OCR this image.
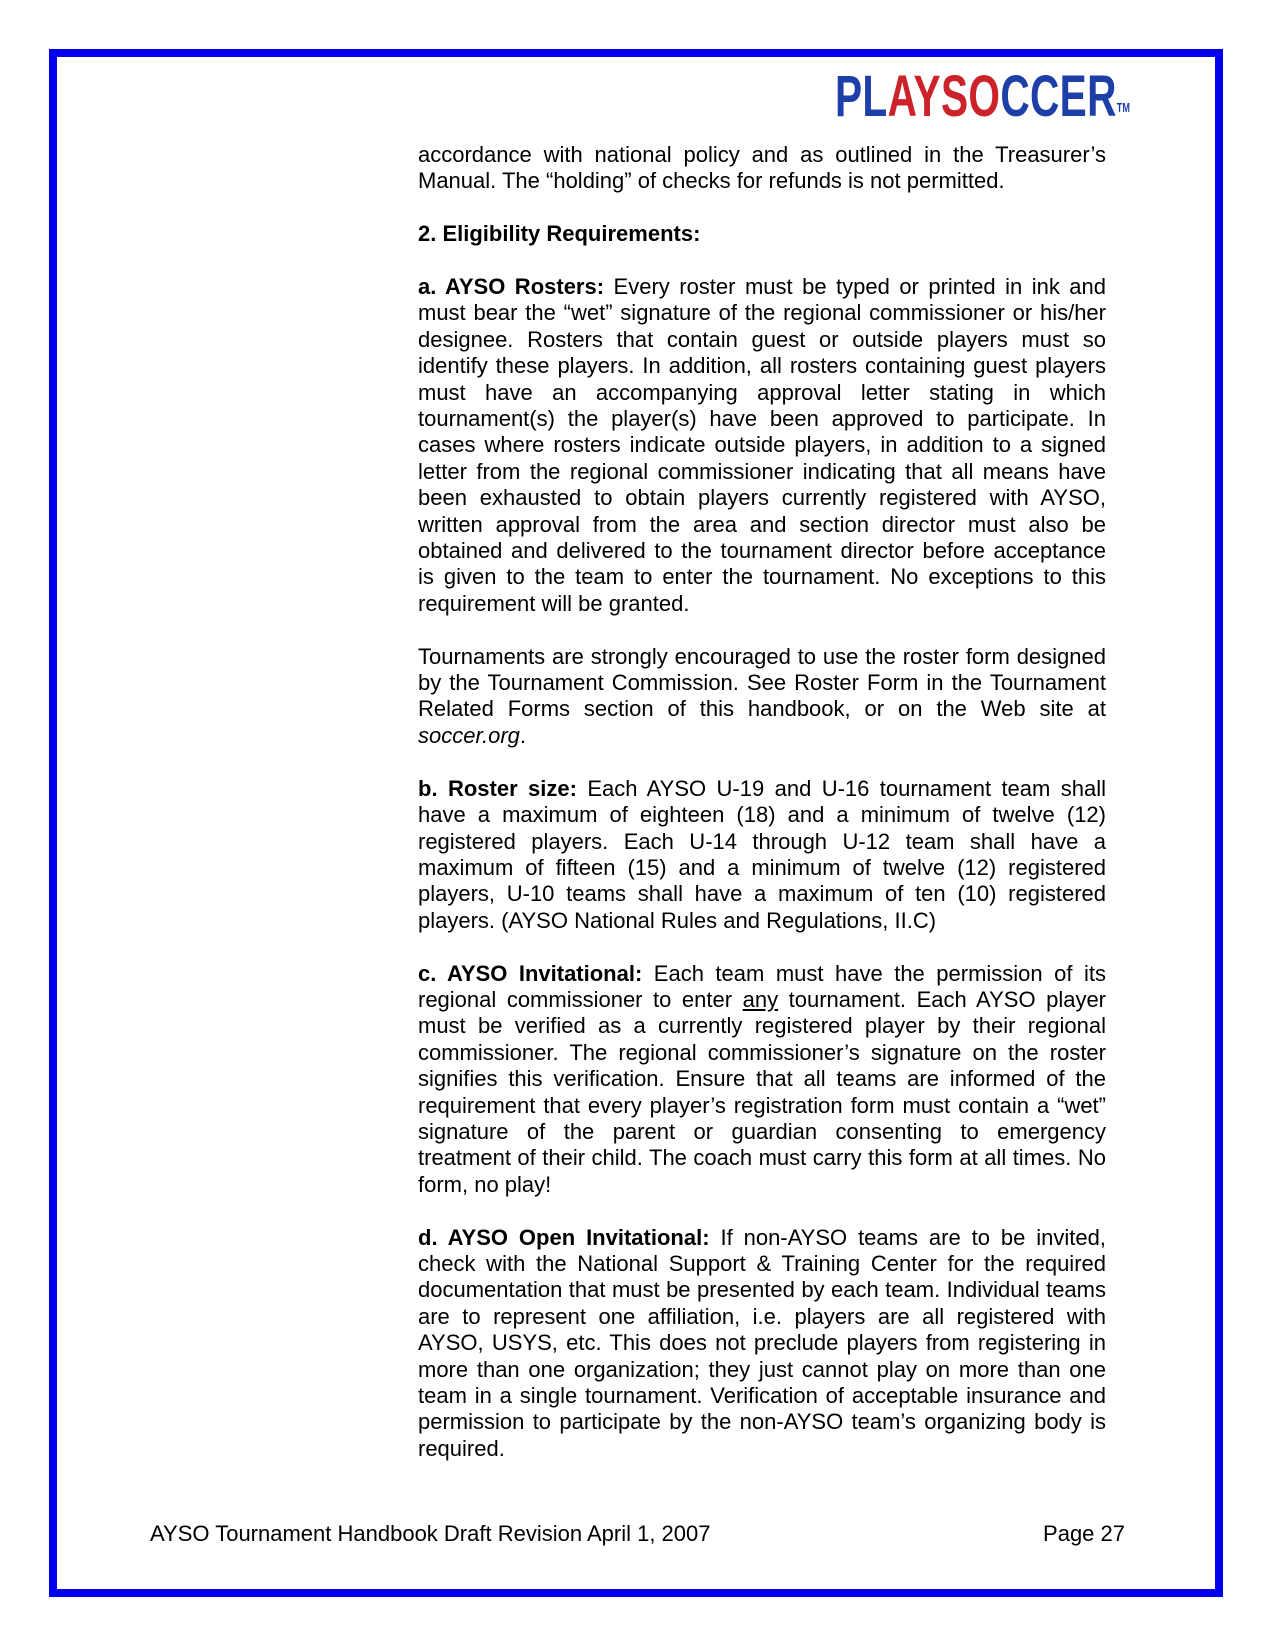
PLAYSOCCERTM

accordance with national policy and as outlined in the Treasurer’s Manual. The “holding” of checks for refunds is not permitted.

2. Eligibility Requirements:

a. AYSO Rosters: Every roster must be typed or printed in ink and must bear the “wet” signature of the regional commissioner or his/her designee. Rosters that contain guest or outside players must so identify these players. In addition, all rosters containing guest players must have an accompanying approval letter stating in which tournament(s) the player(s) have been approved to participate. In cases where rosters indicate outside players, in addition to a signed letter from the regional commissioner indicating that all means have been exhausted to obtain players currently registered with AYSO, written approval from the area and section director must also be obtained and delivered to the tournament director before acceptance is given to the team to enter the tournament. No exceptions to this requirement will be granted.

Tournaments are strongly encouraged to use the roster form designed by the Tournament Commission. See Roster Form in the Tournament Related Forms section of this handbook, or on the Web site at soccer.org.

b. Roster size: Each AYSO U-19 and U-16 tournament team shall have a maximum of eighteen (18) and a minimum of twelve (12) registered players. Each U-14 through U-12 team shall have a maximum of fifteen (15) and a minimum of twelve (12) registered players, U-10 teams shall have a maximum of ten (10) registered players. (AYSO National Rules and Regulations, II.C)

c. AYSO Invitational: Each team must have the permission of its regional commissioner to enter any tournament. Each AYSO player must be verified as a currently registered player by their regional commissioner. The regional commissioner’s signature on the roster signifies this verification. Ensure that all teams are informed of the requirement that every player’s registration form must contain a “wet” signature of the parent or guardian consenting to emergency treatment of their child. The coach must carry this form at all times. No form, no play!

d. AYSO Open Invitational: If non-AYSO teams are to be invited, check with the National Support & Training Center for the required documentation that must be presented by each team. Individual teams are to represent one affiliation, i.e. players are all registered with AYSO, USYS, etc. This does not preclude players from registering in more than one organization; they just cannot play on more than one team in a single tournament. Verification of acceptable insurance and permission to participate by the non-AYSO team’s organizing body is required.

AYSO Tournament Handbook Draft Revision April 1, 2007	Page 27
